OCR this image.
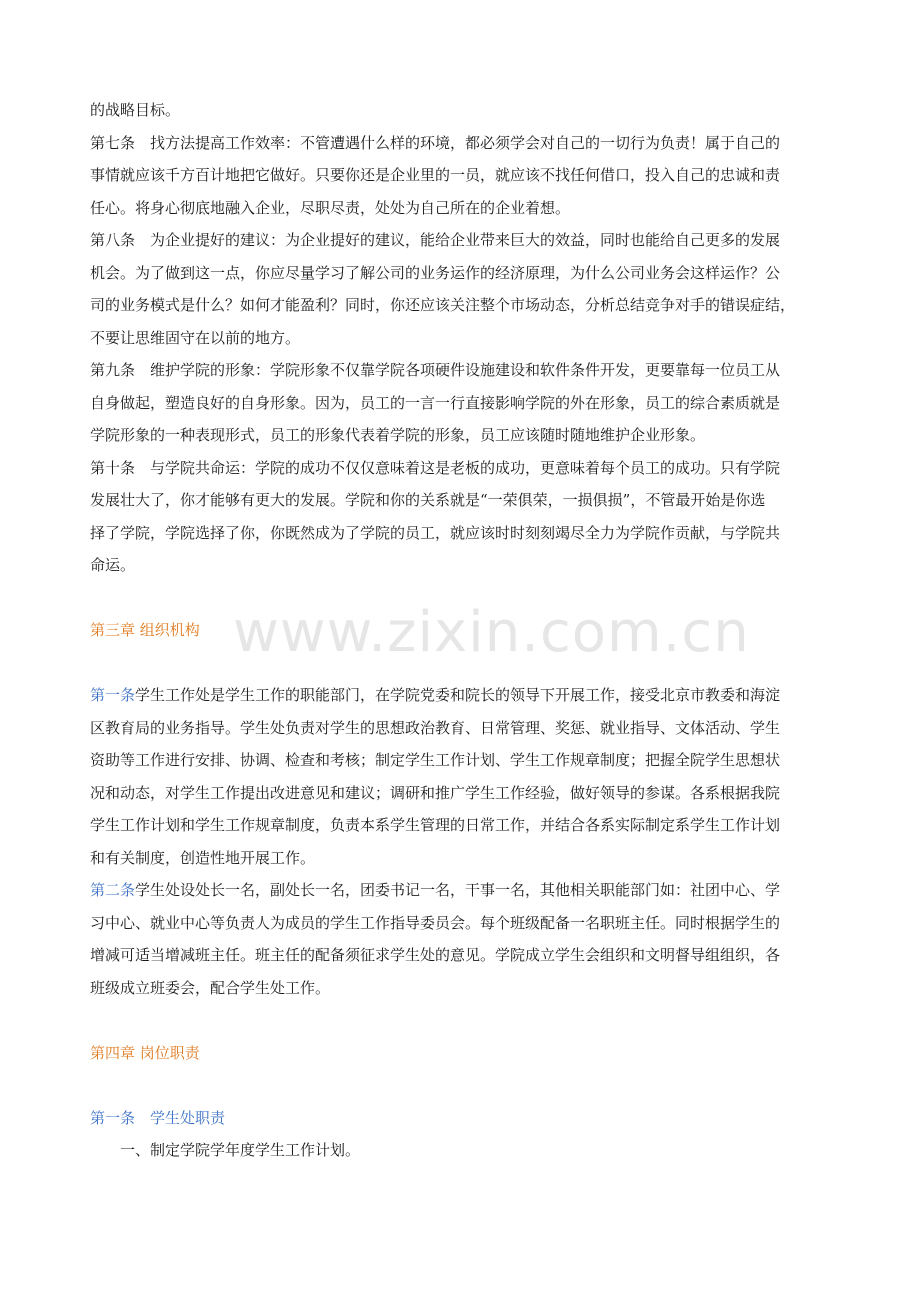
www.zixin.com.cn

的战略目标。

第七条　找方法提高工作效率：不管遭遇什么样的环境，都必须学会对自己的一切行为负责！属于自己的

事情就应该千方百计地把它做好。只要你还是企业里的一员，就应该不找任何借口，投入自己的忠诚和责

任心。将身心彻底地融入企业，尽职尽责，处处为自己所在的企业着想。

第八条　为企业提好的建议：为企业提好的建议，能给企业带来巨大的效益，同时也能给自己更多的发展

机会。为了做到这一点，你应尽量学习了解公司的业务运作的经济原理，为什么公司业务会这样运作？公

司的业务模式是什么？如何才能盈利？同时，你还应该关注整个市场动态，分析总结竞争对手的错误症结，

不要让思维固守在以前的地方。

第九条　维护学院的形象：学院形象不仅靠学院各项硬件设施建设和软件条件开发，更要靠每一位员工从

自身做起，塑造良好的自身形象。因为，员工的一言一行直接影响学院的外在形象，员工的综合素质就是

学院形象的一种表现形式，员工的形象代表着学院的形象，员工应该随时随地维护企业形象。

第十条　与学院共命运：学院的成功不仅仅意味着这是老板的成功，更意味着每个员工的成功。只有学院

发展壮大了，你才能够有更大的发展。学院和你的关系就是“一荣俱荣，一损俱损”，不管最开始是你选

择了学院，学院选择了你，你既然成为了学院的员工，就应该时时刻刻竭尽全力为学院作贡献，与学院共

命运。

第三章 组织机构

第一条学生工作处是学生工作的职能部门，在学院党委和院长的领导下开展工作，接受北京市教委和海淀

区教育局的业务指导。学生处负责对学生的思想政治教育、日常管理、奖惩、就业指导、文体活动、学生

资助等工作进行安排、协调、检查和考核；制定学生工作计划、学生工作规章制度；把握全院学生思想状

况和动态，对学生工作提出改进意见和建议；调研和推广学生工作经验，做好领导的参谋。各系根据我院

学生工作计划和学生工作规章制度，负责本系学生管理的日常工作，并结合各系实际制定系学生工作计划

和有关制度，创造性地开展工作。

第二条学生处设处长一名，副处长一名，团委书记一名，干事一名，其他相关职能部门如：社团中心、学

习中心、就业中心等负责人为成员的学生工作指导委员会。每个班级配备一名职班主任。同时根据学生的

增减可适当增减班主任。班主任的配备须征求学生处的意见。学院成立学生会组织和文明督导组组织，各

班级成立班委会，配合学生处工作。

第四章 岗位职责

第一条　学生处职责

一、制定学院学年度学生工作计划。
